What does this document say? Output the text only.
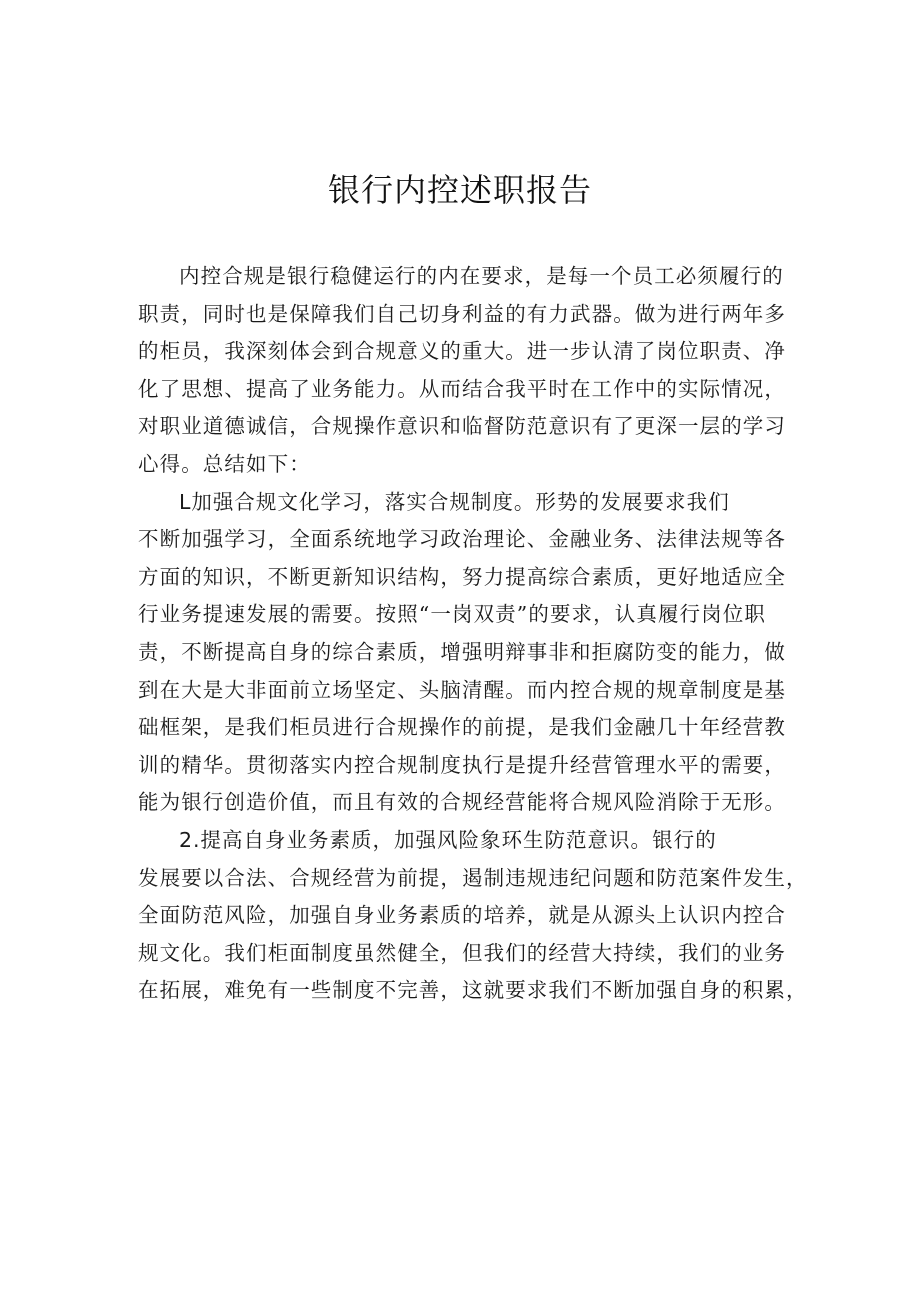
银行内控述职报告
内控合规是银行稳健运行的内在要求，是每一个员工必须履行的
职责，同时也是保障我们自己切身利益的有力武器。做为进行两年多
的柜员，我深刻体会到合规意义的重大。进一步认清了岗位职责、净
化了思想、提高了业务能力。从而结合我平时在工作中的实际情况，
对职业道德诚信，合规操作意识和临督防范意识有了更深一层的学习
心得。总结如下：
L加强合规文化学习，落实合规制度。形势的发展要求我们
不断加强学习，全面系统地学习政治理论、金融业务、法律法规等各
方面的知识，不断更新知识结构，努力提高综合素质，更好地适应全
行业务提速发展的需要。按照“一岗双责”的要求，认真履行岗位职
责，不断提高自身的综合素质，增强明辩事非和拒腐防变的能力，做
到在大是大非面前立场坚定、头脑清醒。而内控合规的规章制度是基
础框架，是我们柜员进行合规操作的前提，是我们金融几十年经营教
训的精华。贯彻落实内控合规制度执行是提升经营管理水平的需要，
能为银行创造价值，而且有效的合规经营能将合规风险消除于无形。
2.提高自身业务素质，加强风险象环生防范意识。银行的
发展要以合法、合规经营为前提，遏制违规违纪问题和防范案件发生，
全面防范风险，加强自身业务素质的培养，就是从源头上认识内控合
规文化。我们柜面制度虽然健全，但我们的经营大持续，我们的业务
在拓展，难免有一些制度不完善，这就要求我们不断加强自身的积累，
